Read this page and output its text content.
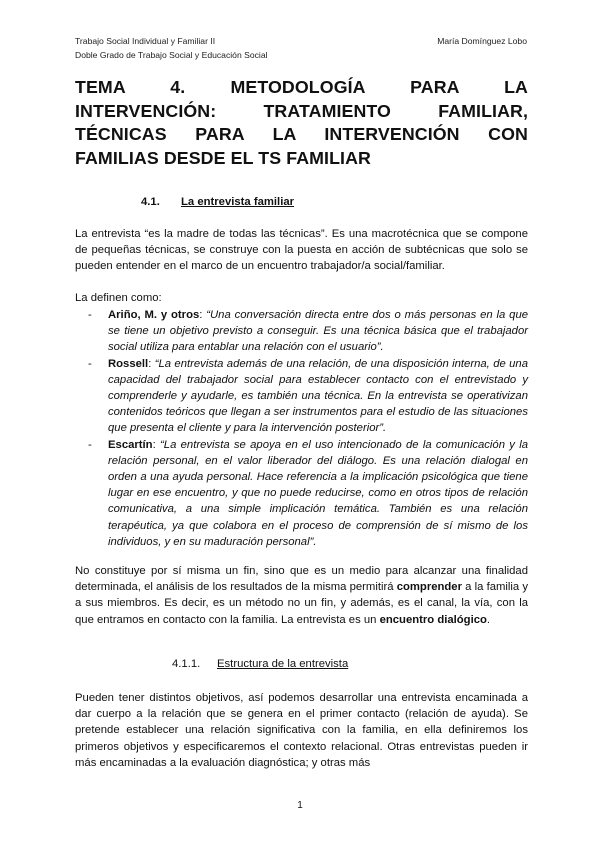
Trabajo Social Individual y Familiar II
Doble Grado de Trabajo Social y Educación Social
María Domínguez Lobo
TEMA 4. METODOLOGÍA PARA LA
INTERVENCIÓN: TRATAMIENTO FAMILIAR,
TÉCNICAS PARA LA INTERVENCIÓN CON
FAMILIAS DESDE EL TS FAMILIAR
4.1. La entrevista familiar
La entrevista “es la madre de todas las técnicas”. Es una macrotécnica que se compone de pequeñas técnicas, se construye con la puesta en acción de subtécnicas que solo se pueden entender en el marco de un encuentro trabajador/a social/familiar.
La definen como:
- Ariño, M. y otros: “Una conversación directa entre dos o más personas en la que se tiene un objetivo previsto a conseguir. Es una técnica básica que el trabajador social utiliza para entablar una relación con el usuario”.
- Rossell: “La entrevista además de una relación, de una disposición interna, de una capacidad del trabajador social para establecer contacto con el entrevistado y comprenderle y ayudarle, es también una técnica. En la entrevista se operativizan contenidos teóricos que llegan a ser instrumentos para el estudio de las situaciones que presenta el cliente y para la intervención posterior”.
- Escartín: “La entrevista se apoya en el uso intencionado de la comunicación y la relación personal, en el valor liberador del diálogo. Es una relación dialogal en orden a una ayuda personal. Hace referencia a la implicación psicológica que tiene lugar en ese encuentro, y que no puede reducirse, como en otros tipos de relación comunicativa, a una simple implicación temática. También es una relación terapéutica, ya que colabora en el proceso de comprensión de sí mismo de los individuos, y en su maduración personal”.
No constituye por sí misma un fin, sino que es un medio para alcanzar una finalidad determinada, el análisis de los resultados de la misma permitirá comprender a la familia y a sus miembros. Es decir, es un método no un fin, y además, es el canal, la vía, con la que entramos en contacto con la familia. La entrevista es un encuentro dialógico.
4.1.1. Estructura de la entrevista
Pueden tener distintos objetivos, así podemos desarrollar una entrevista encaminada a dar cuerpo a la relación que se genera en el primer contacto (relación de ayuda). Se pretende establecer una relación significativa con la familia, en ella definiremos los primeros objetivos y especificaremos el contexto relacional. Otras entrevistas pueden ir más encaminadas a la evaluación diagnóstica; y otras más
1
